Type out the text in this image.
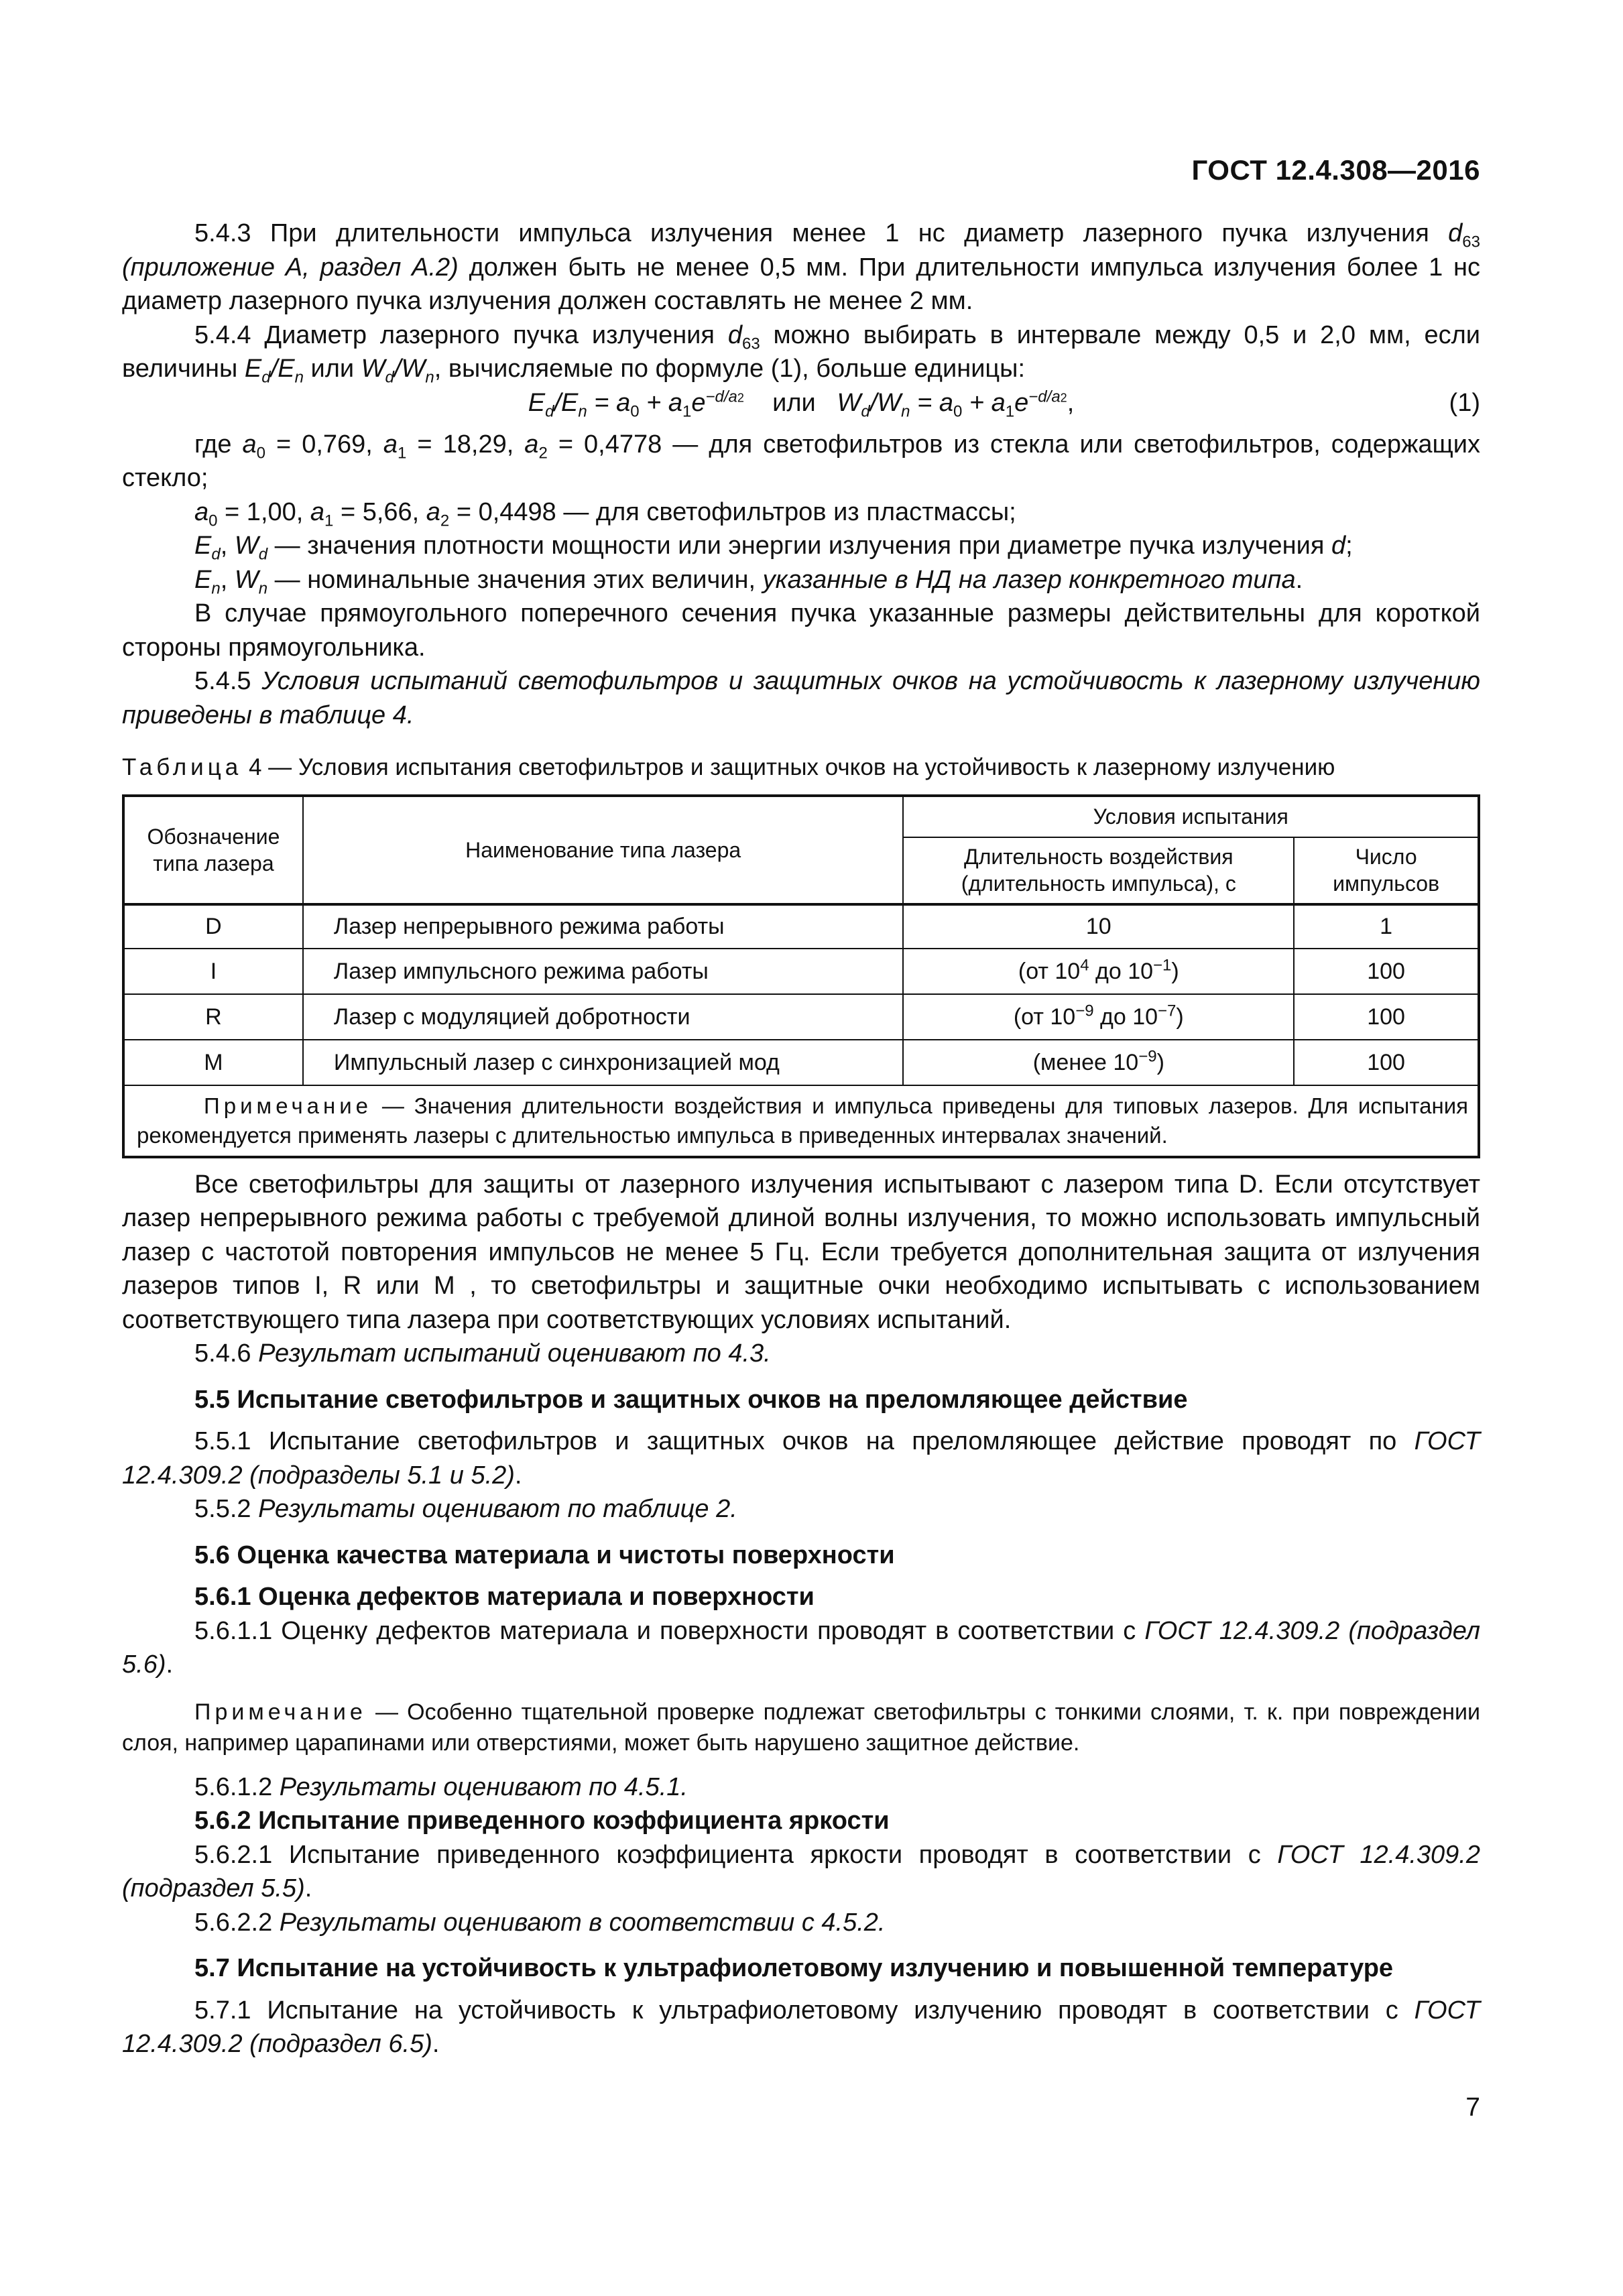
ГОСТ 12.4.308—2016

5.4.3 При длительности импульса излучения менее 1 нс диаметр лазерного пучка излучения $d_{63}$ (приложение А, раздел А.2) должен быть не менее 0,5 мм. При длительности импульса излучения более 1 нс диаметр лазерного пучка излучения должен составлять не менее 2 мм.

5.4.4 Диаметр лазерного пучка излучения $d_{63}$ можно выбирать в интервале между 0,5 и 2,0 мм, если величины $E_d/E_n$ или $W_d/W_n$, вычисляемые по формуле (1), больше единицы:

$E_d/E_n = a_0 + a_1e^{-d/a2}$ или $W_d/W_n = a_0 + a_1e^{-d/a2}$,	(1)

где $a_0 = 0,769$, $a_1 = 18,29$, $a_2 = 0,4778$ — для светофильтров из стекла или светофильтров, содержащих стекло;

$a_0 = 1,00$, $a_1 = 5,66$, $a_2 = 0,4498$ — для светофильтров из пластмассы;

$E_d$, $W_d$ — значения плотности мощности или энергии излучения при диаметре пучка излучения d;

$E_n$, $W_n$ — номинальные значения этих величин, указанные в НД на лазер конкретного типа.

В случае прямоугольного поперечного сечения пучка указанные размеры действительны для короткой стороны прямоугольника.

5.4.5 Условия испытаний светофильтров и защитных очков на устойчивость к лазерному излучению приведены в таблице 4.

Таблица 4 — Условия испытания светофильтров и защитных очков на устойчивость к лазерному излучению

Обозначение типа лазера	Наименование типа лазера	Условия испытания	
		Длительность воздействия (длительность импульса), с	Число импульсов
D	Лазер непрерывного режима работы	10	1
I	Лазер импульсного режима работы	(от $10^4$ до $10^{-1}$)	100
R	Лазер с модуляцией добротности	(от $10^{-9}$ до $10^{-7}$)	100
M	Импульсный лазер с синхронизацией мод	(менее $10^{-9}$)	100
Примечание — Значения длительности воздействия и импульса приведены для типовых лазеров. Для испытания рекомендуется применять лазеры с длительностью импульса в приведенных интервалах значений.			

Все светофильтры для защиты от лазерного излучения испытывают с лазером типа D. Если отсутствует лазер непрерывного режима работы с требуемой длиной волны излучения, то можно использовать импульсный лазер с частотой повторения импульсов не менее 5 Гц. Если требуется дополнительная защита от излучения лазеров типов I, R или M , то светофильтры и защитные очки необходимо испытывать с использованием соответствующего типа лазера при соответствующих условиях испытаний.

5.4.6 Результат испытаний оценивают по 4.3.

5.5 Испытание светофильтров и защитных очков на преломляющее действие

5.5.1 Испытание светофильтров и защитных очков на преломляющее действие проводят по ГОСТ 12.4.309.2 (подразделы 5.1 и 5.2).

5.5.2 Результаты оценивают по таблице 2.

5.6 Оценка качества материала и чистоты поверхности

5.6.1 Оценка дефектов материала и поверхности

5.6.1.1 Оценку дефектов материала и поверхности проводят в соответствии с ГОСТ 12.4.309.2 (подраздел 5.6).

Примечание — Особенно тщательной проверке подлежат светофильтры с тонкими слоями, т. к. при повреждении слоя, например царапинами или отверстиями, может быть нарушено защитное действие.

5.6.1.2 Результаты оценивают по 4.5.1.

5.6.2 Испытание приведенного коэффициента яркости

5.6.2.1 Испытание приведенного коэффициента яркости проводят в соответствии с ГОСТ 12.4.309.2 (подраздел 5.5).

5.6.2.2 Результаты оценивают в соответствии с 4.5.2.

5.7 Испытание на устойчивость к ультрафиолетовому излучению и повышенной температуре

5.7.1 Испытание на устойчивость к ультрафиолетовому излучению проводят в соответствии с ГОСТ 12.4.309.2 (подраздел 6.5).

7
